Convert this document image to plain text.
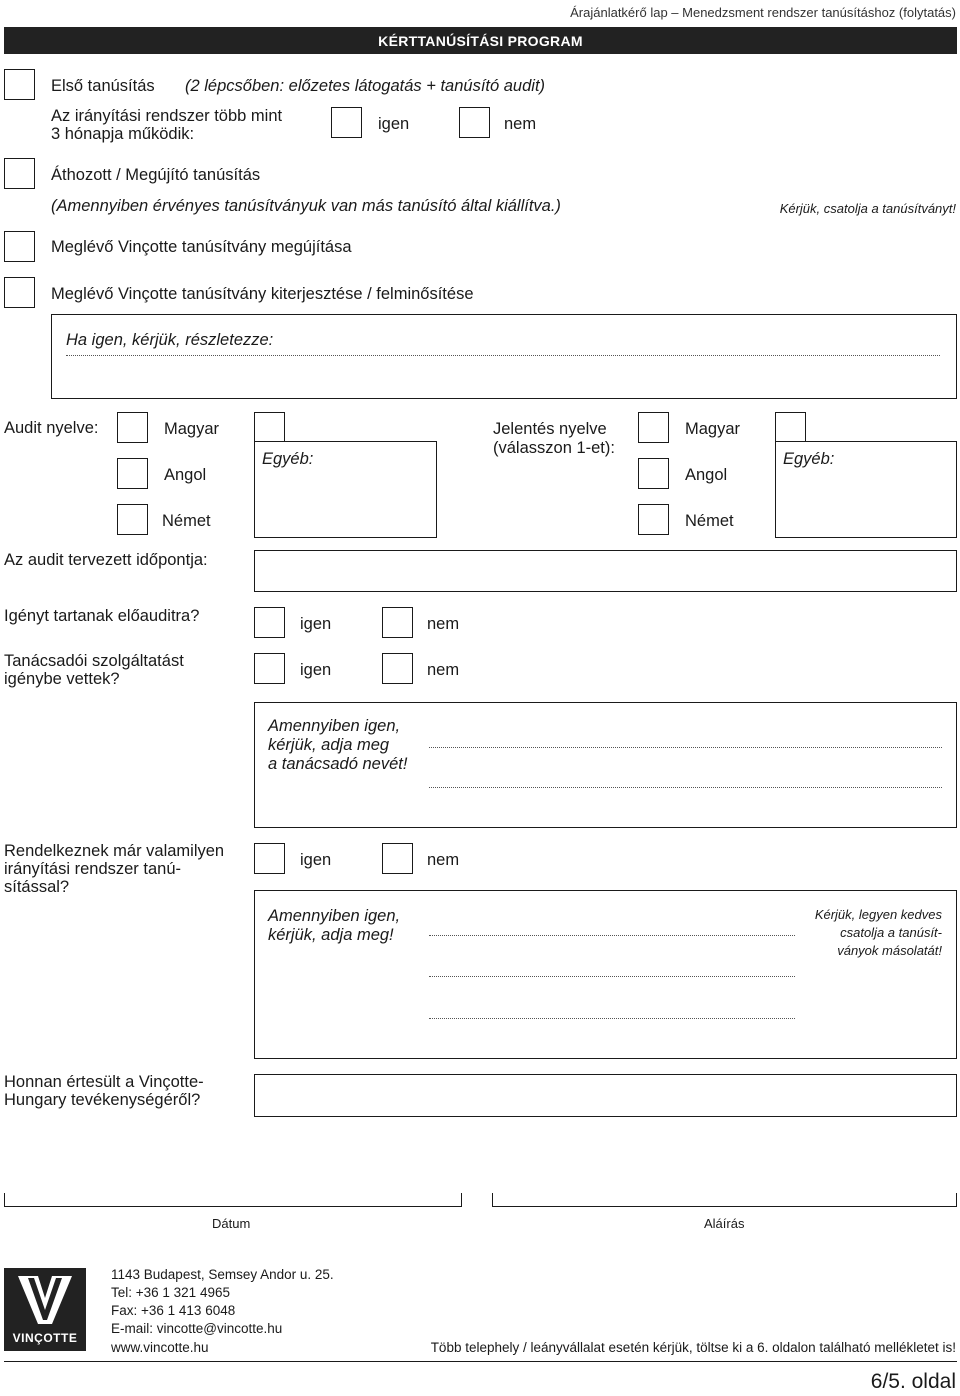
Árajánlatkérő lap – Menedzsment rendszer tanúsításhoz (folytatás)
KÉRTTANÚSÍTÁSI PROGRAM
Első tanúsítás (2 lépcsőben: előzetes látogatás + tanúsító audit)
Az irányítási rendszer több mint
3 hónapja működik:
igen	nem
Áthozott / Megújító tanúsítás
(Amennyiben érvényes tanúsítványuk van más tanúsító által kiállítva.)	Kérjük, csatolja a tanúsítványt!
Meglévő Vinçotte tanúsítvány megújítása
Meglévő Vinçotte tanúsítvány kiterjesztése / felminősítése
Ha igen, kérjük, részletezze:
Audit nyelve:	Magyar
Angol
Német
Egyéb:
Jelentés nyelve
(válasszon 1-et):
Magyar
Angol
Német
Egyéb:
Az audit tervezett időpontja:
Igényt tartanak előauditra?	igen	nem
Tanácsadói szolgáltatást
igénybe vettek?	igen	nem
Amennyiben igen,
kérjük, adja meg
a tanácsadó nevét!
Rendelkeznek már valamilyen
irányítási rendszer tanú-
sítással?
igen	nem
Amennyiben igen,
kérjük, adja meg!
Kérjük, legyen kedves
csatolja a tanúsít-
ványok másolatát!
Honnan értesült a Vinçotte-
Hungary tevékenységéről?
Dátum	Aláírás
VINÇOTTE
1143 Budapest, Semsey Andor u. 25.
Tel: +36 1 321 4965
Fax: +36 1 413 6048
E-mail: vincotte@vincotte.hu
www.vincotte.hu	Több telephely / leányvállalat esetén kérjük, töltse ki a 6. oldalon található mellékletet is!
6/5. oldal
